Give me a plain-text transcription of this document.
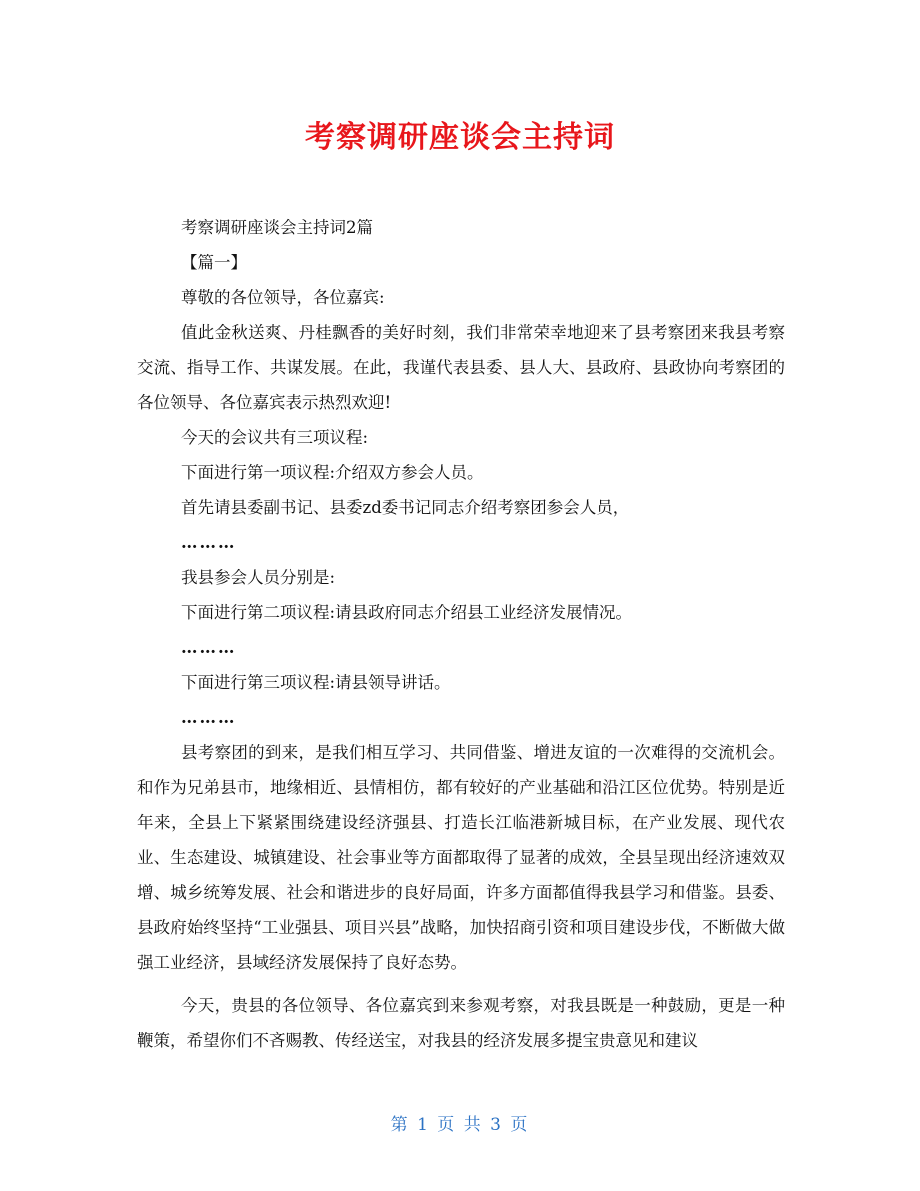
考察调研座谈会主持词

考察调研座谈会主持词2篇

【篇一】

尊敬的各位领导，各位嘉宾:

值此金秋送爽、丹桂飘香的美好时刻，我们非常荣幸地迎来了县考察团来我县考察交流、指导工作、共谋发展。在此，我谨代表县委、县人大、县政府、县政协向考察团的各位领导、各位嘉宾表示热烈欢迎!

今天的会议共有三项议程:

下面进行第一项议程:介绍双方参会人员。

首先请县委副书记、县委zd委书记同志介绍考察团参会人员，

………

我县参会人员分别是:

下面进行第二项议程:请县政府同志介绍县工业经济发展情况。

………

下面进行第三项议程:请县领导讲话。

………

县考察团的到来，是我们相互学习、共同借鉴、增进友谊的一次难得的交流机会。和作为兄弟县市，地缘相近、县情相仿，都有较好的产业基础和沿江区位优势。特别是近年来，全县上下紧紧围绕建设经济强县、打造长江临港新城目标，在产业发展、现代农业、生态建设、城镇建设、社会事业等方面都取得了显著的成效，全县呈现出经济速效双增、城乡统筹发展、社会和谐进步的良好局面，许多方面都值得我县学习和借鉴。县委、县政府始终坚持“工业强县、项目兴县”战略，加快招商引资和项目建设步伐，不断做大做强工业经济，县域经济发展保持了良好态势。

今天，贵县的各位领导、各位嘉宾到来参观考察，对我县既是一种鼓励，更是一种鞭策，希望你们不吝赐教、传经送宝，对我县的经济发展多提宝贵意见和建议

第 1 页 共 3 页
